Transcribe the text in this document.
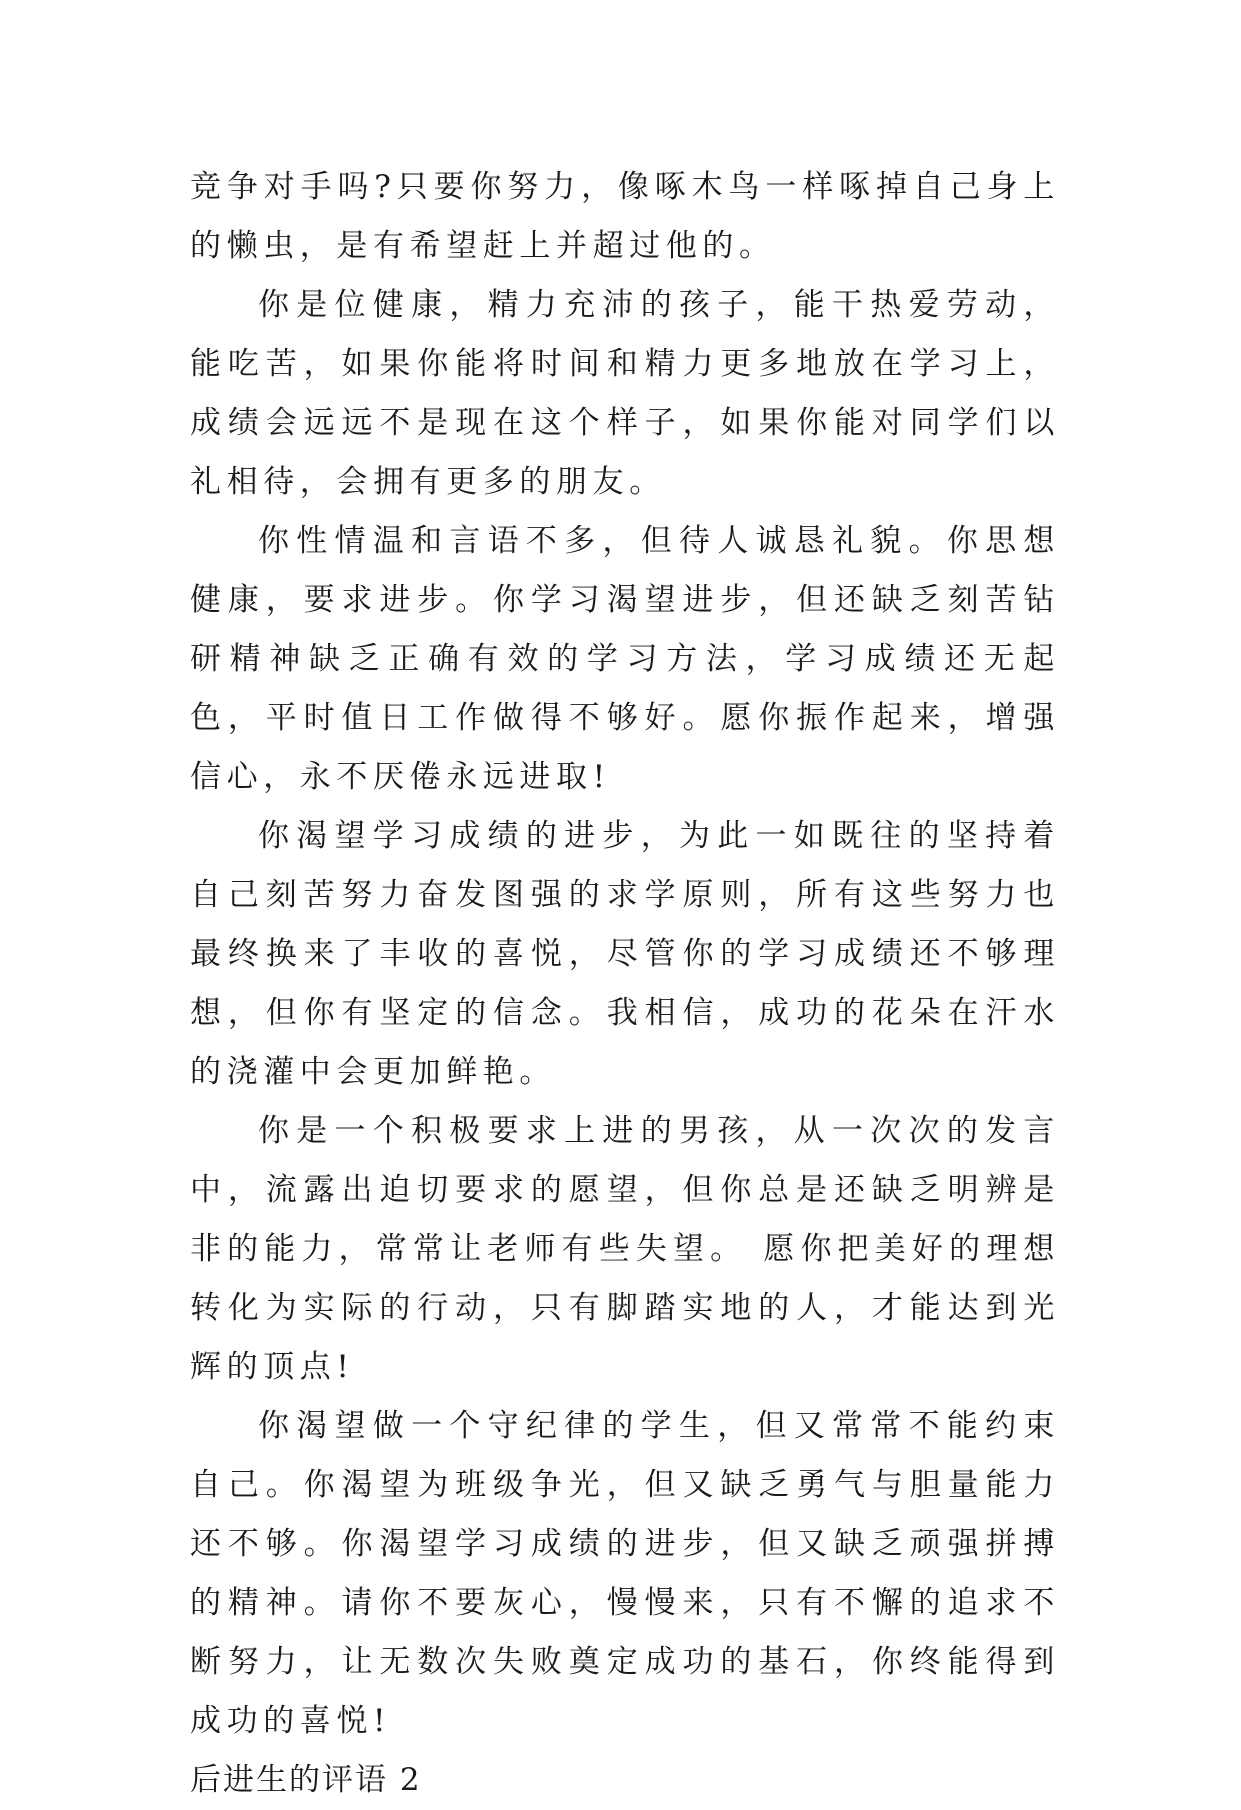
竞争对手吗?只要你努力，像啄木鸟一样啄掉自己身上的懒虫，是有希望赶上并超过他的。

你是位健康，精力充沛的孩子，能干热爱劳动，能吃苦，如果你能将时间和精力更多地放在学习上，成绩会远远不是现在这个样子，如果你能对同学们以礼相待，会拥有更多的朋友。

你性情温和言语不多，但待人诚恳礼貌。你思想健康，要求进步。你学习渴望进步，但还缺乏刻苦钻研精神缺乏正确有效的学习方法，学习成绩还无起色，平时值日工作做得不够好。愿你振作起来，增强信心，永不厌倦永远进取!

你渴望学习成绩的进步，为此一如既往的坚持着自己刻苦努力奋发图强的求学原则，所有这些努力也最终换来了丰收的喜悦，尽管你的学习成绩还不够理想，但你有坚定的信念。我相信，成功的花朵在汗水的浇灌中会更加鲜艳。

你是一个积极要求上进的男孩，从一次次的发言中，流露出迫切要求的愿望，但你总是还缺乏明辨是非的能力，常常让老师有些失望。 愿你把美好的理想转化为实际的行动，只有脚踏实地的人，才能达到光辉的顶点!

你渴望做一个守纪律的学生，但又常常不能约束自己。你渴望为班级争光，但又缺乏勇气与胆量能力还不够。你渴望学习成绩的进步，但又缺乏顽强拼搏的精神。请你不要灰心，慢慢来，只有不懈的追求不断努力，让无数次失败奠定成功的基石，你终能得到成功的喜悦!

后进生的评语 2
